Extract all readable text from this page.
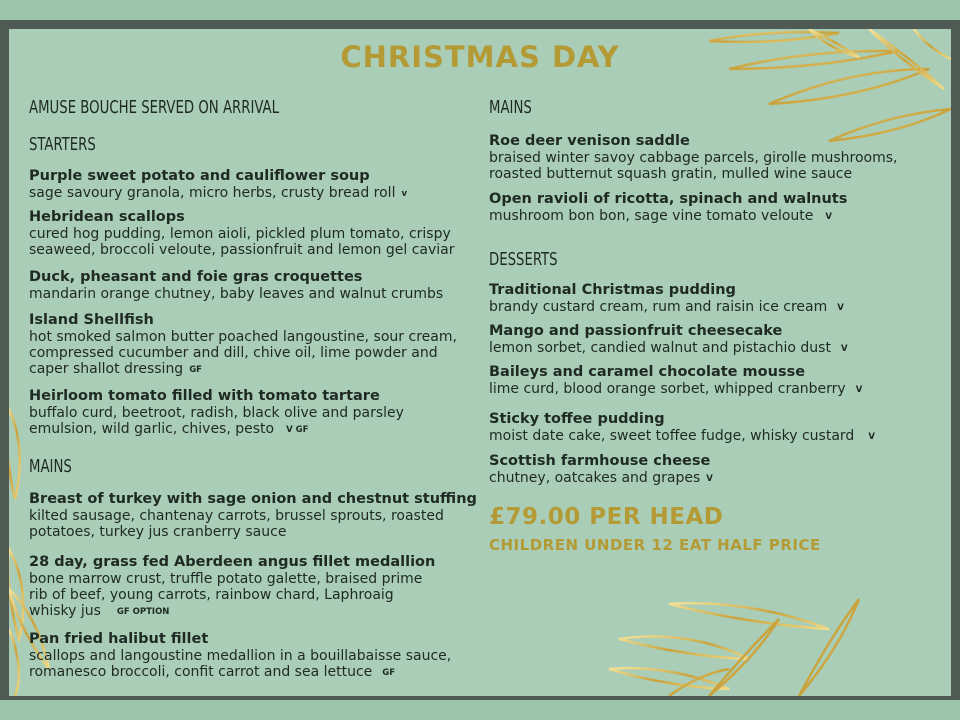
CHRISTMAS DAY
AMUSE BOUCHE SERVED ON ARRIVAL
STARTERS
Purple sweet potato and cauliflower soup
sage savoury granola, micro herbs, crusty bread roll v
Hebridean scallops
cured hog pudding, lemon aioli, pickled plum tomato, crispy
seaweed, broccoli veloute, passionfruit and lemon gel caviar
Duck, pheasant and foie gras croquettes
mandarin orange chutney, baby leaves and walnut crumbs
Island Shellfish
hot smoked salmon butter poached langoustine, sour cream,
compressed cucumber and dill, chive oil, lime powder and
caper shallot dressing GF
Heirloom tomato filled with tomato tartare
buffalo curd, beetroot, radish, black olive and parsley
emulsion, wild garlic, chives, pesto V GF
MAINS
Breast of turkey with sage onion and chestnut stuffing
kilted sausage, chantenay carrots, brussel sprouts, roasted
potatoes, turkey jus cranberry sauce
28 day, grass fed Aberdeen angus fillet medallion
bone marrow crust, truffle potato galette, braised prime
rib of beef, young carrots, rainbow chard, Laphroaig
whisky jus GF OPTION
Pan fried halibut fillet
scallops and langoustine medallion in a bouillabaisse sauce,
romanesco broccoli, confit carrot and sea lettuce GF
MAINS
Roe deer venison saddle
braised winter savoy cabbage parcels, girolle mushrooms,
roasted butternut squash gratin, mulled wine sauce
Open ravioli of ricotta, spinach and walnuts
mushroom bon bon, sage vine tomato veloute V
DESSERTS
Traditional Christmas pudding
brandy custard cream, rum and raisin ice cream V
Mango and passionfruit cheesecake
lemon sorbet, candied walnut and pistachio dust V
Baileys and caramel chocolate mousse
lime curd, blood orange sorbet, whipped cranberry V
Sticky toffee pudding
moist date cake, sweet toffee fudge, whisky custard V
Scottish farmhouse cheese
chutney, oatcakes and grapes V
£79.00 PER HEAD
CHILDREN UNDER 12 EAT HALF PRICE
